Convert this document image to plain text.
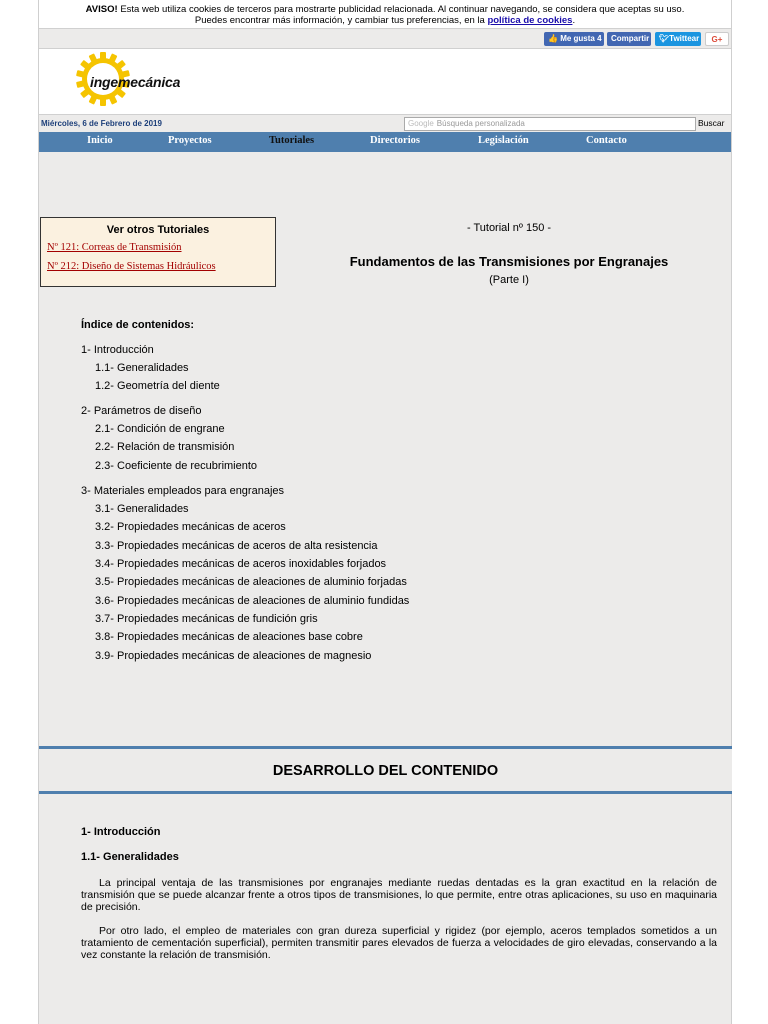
AVISO! Esta web utiliza cookies de terceros para mostrarte publicidad relacionada. Al continuar navegando, se considera que aceptas su uso.
Puedes encontrar más información, y cambiar tus preferencias, en la política de cookies.
👍 Me gusta 4	Compartir	🐦︎Twittear	G+
ingemecánica
Miércoles, 6 de Febrero de 2019	Google Búsqueda personalizada	Buscar
Inicio	Proyectos	Tutoriales	Directorios	Legislación	Contacto
Ver otros Tutoriales
Nº 121: Correas de Transmisión
Nº 212: Diseño de Sistemas Hidráulicos
- Tutorial nº 150 -
Fundamentos de las Transmisiones por Engranajes
(Parte I)
Índice de contenidos:
1- Introducción
1.1- Generalidades
1.2- Geometría del diente
2- Parámetros de diseño
2.1- Condición de engrane
2.2- Relación de transmisión
2.3- Coeficiente de recubrimiento
3- Materiales empleados para engranajes
3.1- Generalidades
3.2- Propiedades mecánicas de aceros
3.3- Propiedades mecánicas de aceros de alta resistencia
3.4- Propiedades mecánicas de aceros inoxidables forjados
3.5- Propiedades mecánicas de aleaciones de aluminio forjadas
3.6- Propiedades mecánicas de aleaciones de aluminio fundidas
3.7- Propiedades mecánicas de fundición gris
3.8- Propiedades mecánicas de aleaciones base cobre
3.9- Propiedades mecánicas de aleaciones de magnesio
DESARROLLO DEL CONTENIDO
1- Introducción
1.1- Generalidades

La principal ventaja de las transmisiones por engranajes mediante ruedas dentadas es la gran exactitud en la relación de transmisión que se puede alcanzar frente a otros tipos de transmisiones, lo que permite, entre otras aplicaciones, su uso en maquinaria de precisión.

Por otro lado, el empleo de materiales con gran dureza superficial y rigidez (por ejemplo, aceros templados sometidos a un tratamiento de cementación superficial), permiten transmitir pares elevados de fuerza a velocidades de giro elevadas, conservando a la vez constante la relación de transmisión.
